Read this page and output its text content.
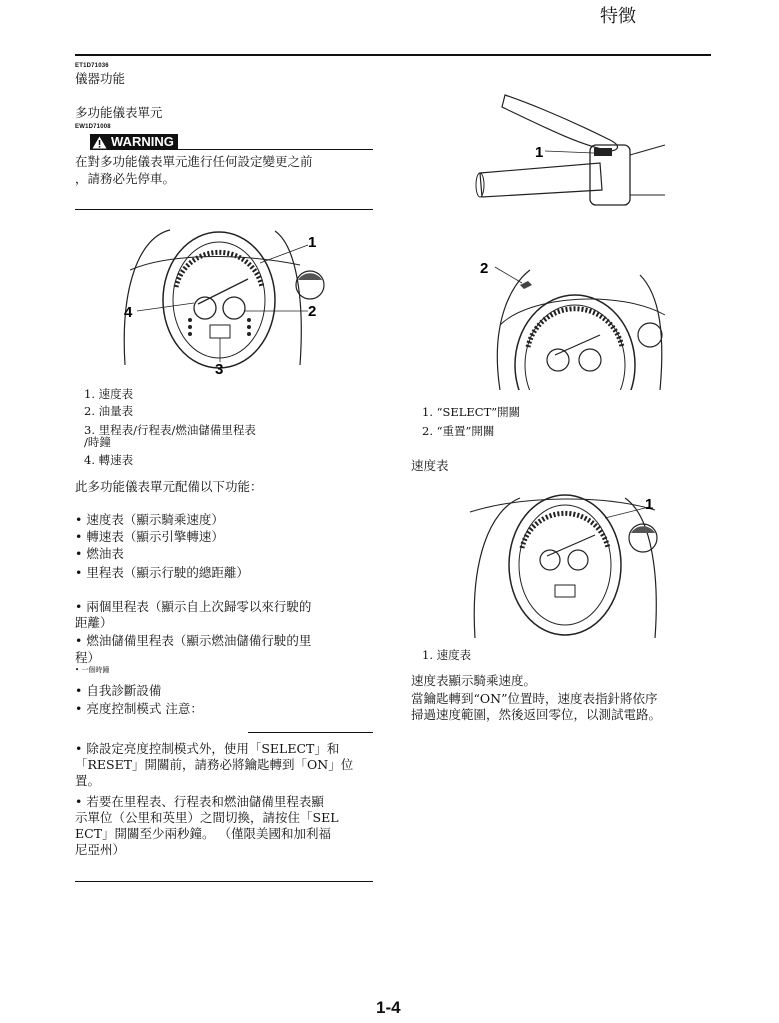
特徴
ET1D71036
儀器功能
多功能儀表單元
EW1D71008
WARNING
在對多功能儀表單元進行任何設定變更之前
，請務必先停車。
1
2
3
4
1. 速度表
2. 油量表
3. 里程表/行程表/燃油儲備里程表
/時鐘
4. 轉速表
此多功能儀表單元配備以下功能：
• 速度表（顯示騎乘速度）
• 轉速表（顯示引擎轉速）
• 燃油表
• 里程表（顯示行駛的總距離）
• 兩個里程表（顯示自上次歸零以來行駛的
距離）
• 燃油儲備里程表（顯示燃油儲備行駛的里
程）
• 一個時鐘
• 自我診斷設備
• 亮度控制模式 注意：
• 除設定亮度控制模式外，使用「SELECT」和
「RESET」開關前，請務必將鑰匙轉到「ON」位
置。
• 若要在里程表、行程表和燃油儲備里程表顯
示單位（公里和英里）之間切換，請按住「SEL
ECT」開關至少兩秒鐘。 （僅限美國和加利福
尼亞州）
1
2
1. “SELECT”開關
2. “重置”開關
速度表
1
1. 速度表
速度表顯示騎乘速度。
當鑰匙轉到“ON”位置時，速度表指針將依序
掃過速度範圍，然後返回零位，以測試電路。
1-4
